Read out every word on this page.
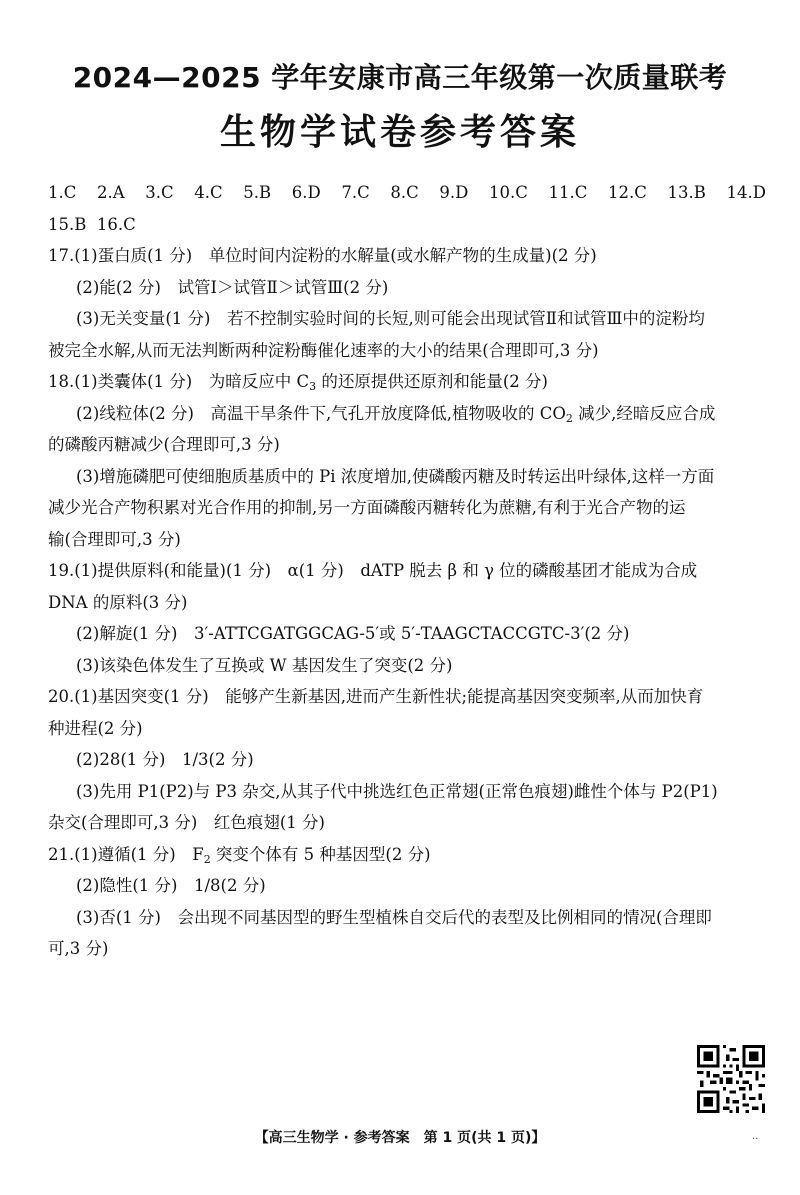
2024—2025 学年安康市高三年级第一次质量联考
生物学试卷参考答案
1.C 2.A 3.C 4.C 5.B 6.D 7.C 8.C 9.D 10.C 11.C 12.C 13.B 14.D
15.B 16.C
17.(1)蛋白质(1 分)　单位时间内淀粉的水解量(或水解产物的生成量)(2 分)
(2)能(2 分)　试管Ⅰ＞试管Ⅱ＞试管Ⅲ(2 分)
(3)无关变量(1 分)　若不控制实验时间的长短,则可能会出现试管Ⅱ和试管Ⅲ中的淀粉均
被完全水解,从而无法判断两种淀粉酶催化速率的大小的结果(合理即可,3 分)
18.(1)类囊体(1 分)　为暗反应中 $C_3$ 的还原提供还原剂和能量(2 分)
(2)线粒体(2 分)　高温干旱条件下,气孔开放度降低,植物吸收的 $CO_2$ 减少,经暗反应合成
的磷酸丙糖减少(合理即可,3 分)
(3)增施磷肥可使细胞质基质中的 Pi 浓度增加,使磷酸丙糖及时转运出叶绿体,这样一方面
减少光合产物积累对光合作用的抑制,另一方面磷酸丙糖转化为蔗糖,有利于光合产物的运
输(合理即可,3 分)
19.(1)提供原料(和能量)(1 分)　α(1 分)　dATP 脱去 β 和 γ 位的磷酸基团才能成为合成
DNA 的原料(3 分)
(2)解旋(1 分)　3′-ATTCGATGGCAG-5′或 5′-TAAGCTACCGTC-3′(2 分)
(3)该染色体发生了互换或 W 基因发生了突变(2 分)
20.(1)基因突变(1 分)　能够产生新基因,进而产生新性状;能提高基因突变频率,从而加快育
种进程(2 分)
(2)28(1 分)　1/3(2 分)
(3)先用 P1(P2)与 P3 杂交,从其子代中挑选红色正常翅(正常色痕翅)雌性个体与 P2(P1)
杂交(合理即可,3 分)　红色痕翅(1 分)
21.(1)遵循(1 分)　$F_2$ 突变个体有 5 种基因型(2 分)
(2)隐性(1 分)　1/8(2 分)
(3)否(1 分)　会出现不同基因型的野生型植株自交后代的表型及比例相同的情况(合理即
可,3 分)
【高三生物学 · 参考答案　第 1 页(共 1 页)】	..
